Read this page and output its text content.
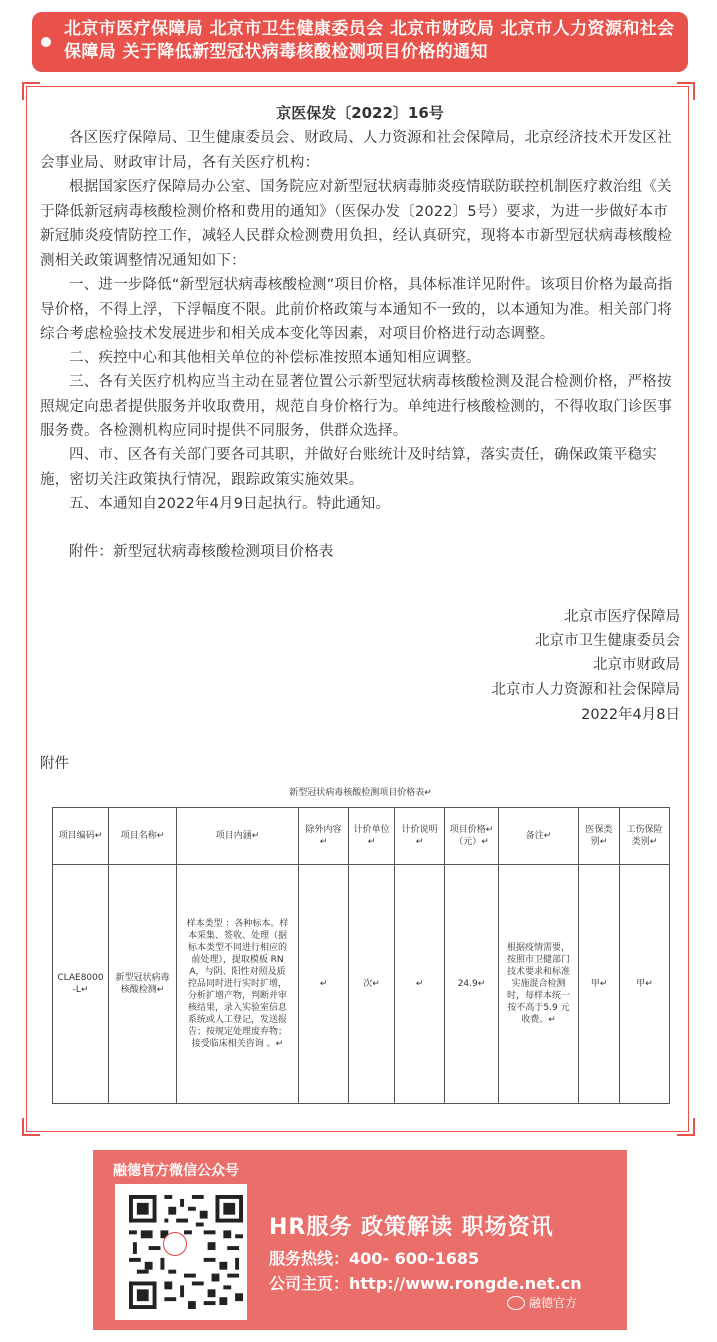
北京市医疗保障局 北京市卫生健康委员会 北京市财政局 北京市人力资源和社会保障局 关于降低新型冠状病毒核酸检测项目价格的通知
京医保发〔2022〕16号
各区医疗保障局、卫生健康委员会、财政局、人力资源和社会保障局，北京经济技术开发区社会事业局、财政审计局，各有关医疗机构：
根据国家医疗保障局办公室、国务院应对新型冠状病毒肺炎疫情联防联控机制医疗救治组《关于降低新冠病毒核酸检测价格和费用的通知》（医保办发〔2022〕5号）要求，为进一步做好本市新冠肺炎疫情防控工作，减轻人民群众检测费用负担，经认真研究，现将本市新型冠状病毒核酸检测相关政策调整情况通知如下：
一、进一步降低“新型冠状病毒核酸检测”项目价格，具体标准详见附件。该项目价格为最高指导价格，不得上浮，下浮幅度不限。此前价格政策与本通知不一致的，以本通知为准。相关部门将综合考虑检验技术发展进步和相关成本变化等因素，对项目价格进行动态调整。
二、疾控中心和其他相关单位的补偿标准按照本通知相应调整。
三、各有关医疗机构应当主动在显著位置公示新型冠状病毒核酸检测及混合检测价格，严格按照规定向患者提供服务并收取费用，规范自身价格行为。单纯进行核酸检测的，不得收取门诊医事服务费。各检测机构应同时提供不同服务，供群众选择。
四、市、区各有关部门要各司其职，并做好台账统计及时结算，落实责任，确保政策平稳实施，密切关注政策执行情况，跟踪政策实施效果。
五、本通知自2022年4月9日起执行。特此通知。
附件：新型冠状病毒核酸检测项目价格表
北京市医疗保障局
北京市卫生健康委员会
北京市财政局
北京市人力资源和社会保障局
2022年4月8日
附件
新型冠状病毒核酸检测项目价格表↵
项目编码↵	项目名称↵	项目内涵↵	除外内容↵	计价单位↵	计价说明↵	项目价格↵（元）↵	备注↵	医保类别↵	工伤保险类别↵
CLAE8000-L↵	新型冠状病毒核酸检测↵	样本类型 ：各种标本。样本采集、签收、处理（据标本类型不同进行相应的前处理），提取模板 RNA，与阴、阳性对照及质控品同时进行实时扩增，分析扩增产物，判断并审核结果，录入实验室信息系统或人工登记，发送报告；按规定处理废弃物；接受临床相关咨询 。↵	↵	次↵	↵	24.9↵	根据疫情需要，按照市卫健部门技术要求和标准实施混合检测时，每样本统一按不高于5.9 元收费。↵	甲↵	甲↵
融德官方微信公众号
HR服务 政策解读 职场资讯
服务热线：400- 600-1685
公司主页：http://www.rongde.net.cn
融德官方
